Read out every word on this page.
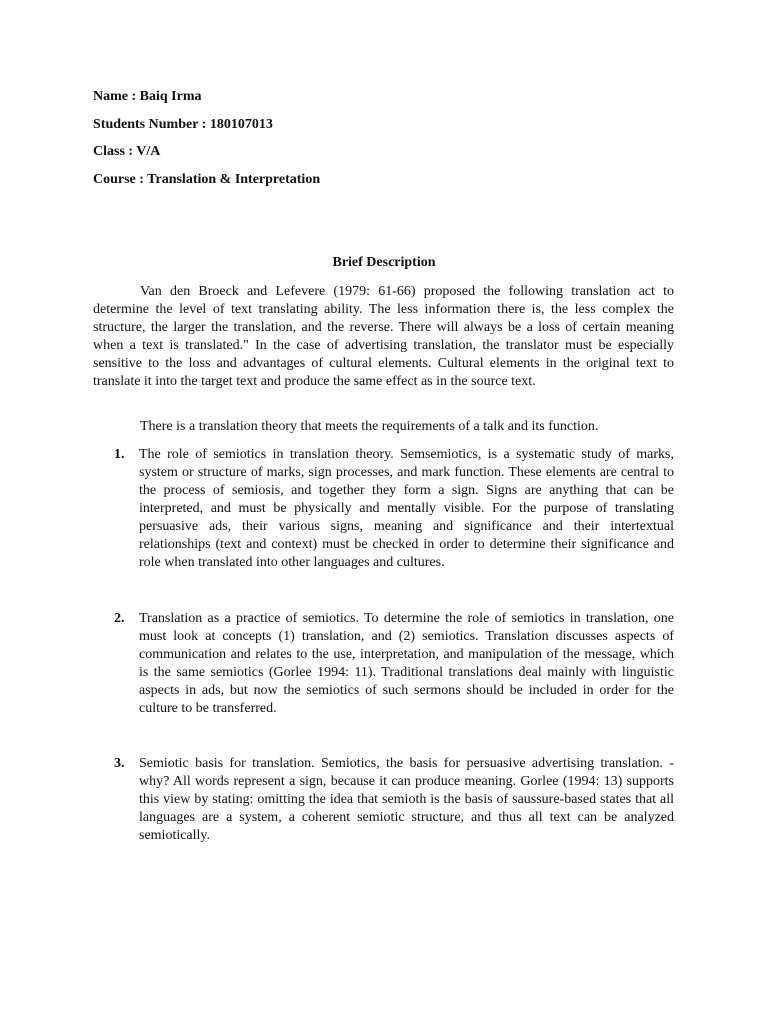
Name : Baiq Irma

Students Number : 180107013

Class : V/A

Course : Translation & Interpretation

Brief Description

Van den Broeck and Lefevere (1979: 61-66) proposed the following translation act to determine the level of text translating ability. The less information there is, the less complex the structure, the larger the translation, and the reverse. There will always be a loss of certain meaning when a text is translated." In the case of advertising translation, the translator must be especially sensitive to the loss and advantages of cultural elements. Cultural elements in the original text to translate it into the target text and produce the same effect as in the source text.

There is a translation theory that meets the requirements of a talk and its function.

1. The role of semiotics in translation theory. Semsemiotics, is a systematic study of marks, system or structure of marks, sign processes, and mark function. These elements are central to the process of semiosis, and together they form a sign. Signs are anything that can be interpreted, and must be physically and mentally visible. For the purpose of translating persuasive ads, their various signs, meaning and significance and their intertextual relationships (text and context) must be checked in order to determine their significance and role when translated into other languages and cultures.

2. Translation as a practice of semiotics. To determine the role of semiotics in translation, one must look at concepts (1) translation, and (2) semiotics. Translation discusses aspects of communication and relates to the use, interpretation, and manipulation of the message, which is the same semiotics (Gorlee 1994: 11). Traditional translations deal mainly with linguistic aspects in ads, but now the semiotics of such sermons should be included in order for the culture to be transferred.

3. Semiotic basis for translation. Semiotics, the basis for persuasive advertising translation. - why? All words represent a sign, because it can produce meaning. Gorlee (1994: 13) supports this view by stating: omitting the idea that semioth is the basis of saussure-based states that all languages are a system, a coherent semiotic structure, and thus all text can be analyzed semiotically.
